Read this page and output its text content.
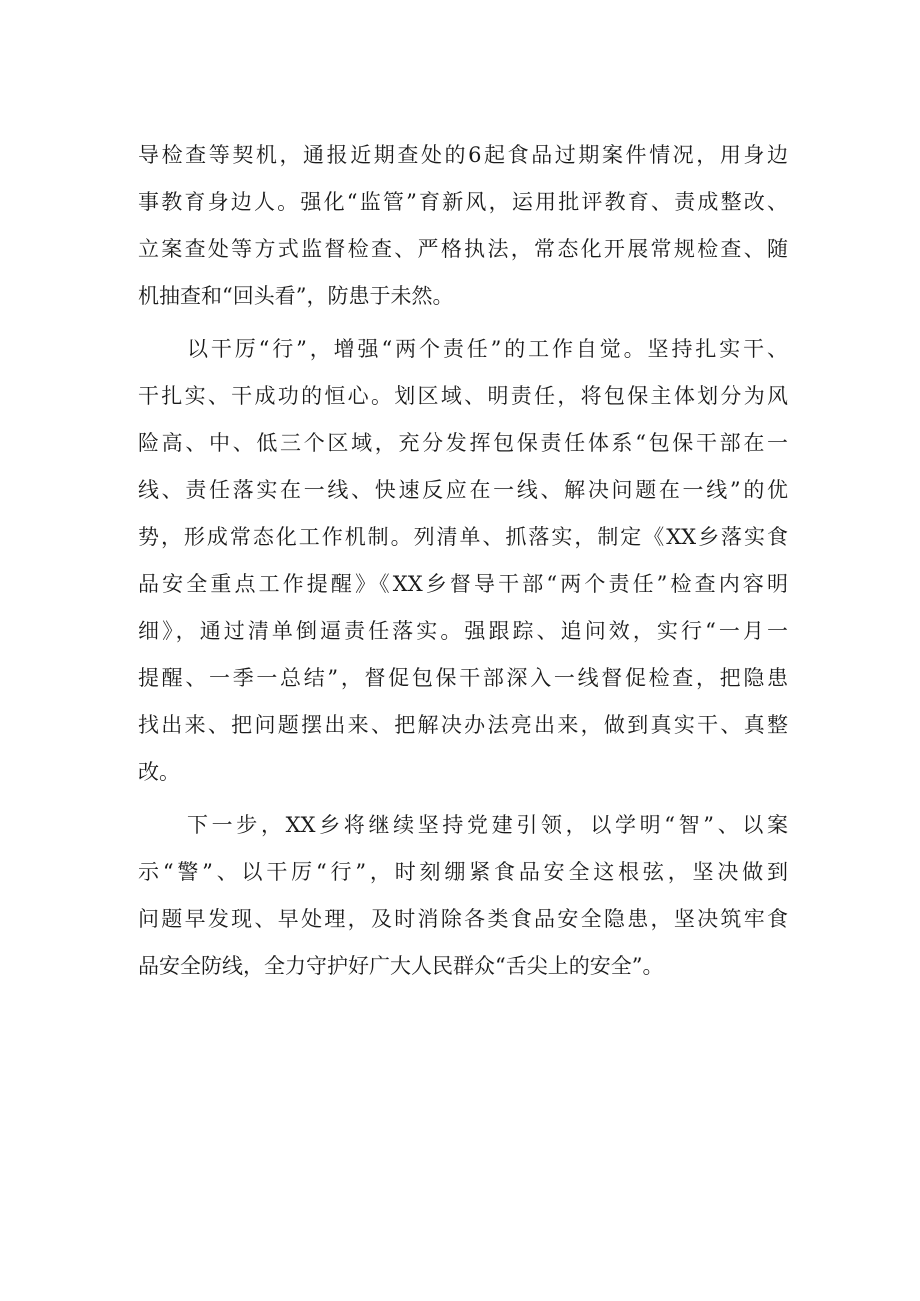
导检查等契机，通报近期查处的6起食品过期案件情况，用身边
事教育身边人。强化“监管”育新风，运用批评教育、责成整改、
立案查处等方式监督检查、严格执法，常态化开展常规检查、随
机抽查和“回头看”，防患于未然。
以干厉“行”，增强“两个责任”的工作自觉。坚持扎实干、
干扎实、干成功的恒心。划区域、明责任，将包保主体划分为风
险高、中、低三个区域，充分发挥包保责任体系“包保干部在一
线、责任落实在一线、快速反应在一线、解决问题在一线”的优
势，形成常态化工作机制。列清单、抓落实，制定《XX乡落实食
品安全重点工作提醒》《XX乡督导干部“两个责任”检查内容明
细》，通过清单倒逼责任落实。强跟踪、追问效，实行“一月一
提醒、一季一总结”，督促包保干部深入一线督促检查，把隐患
找出来、把问题摆出来、把解决办法亮出来，做到真实干、真整
改。
下一步，XX乡将继续坚持党建引领，以学明“智”、以案
示“警”、以干厉“行”，时刻绷紧食品安全这根弦，坚决做到
问题早发现、早处理，及时消除各类食品安全隐患，坚决筑牢食
品安全防线，全力守护好广大人民群众“舌尖上的安全”。
